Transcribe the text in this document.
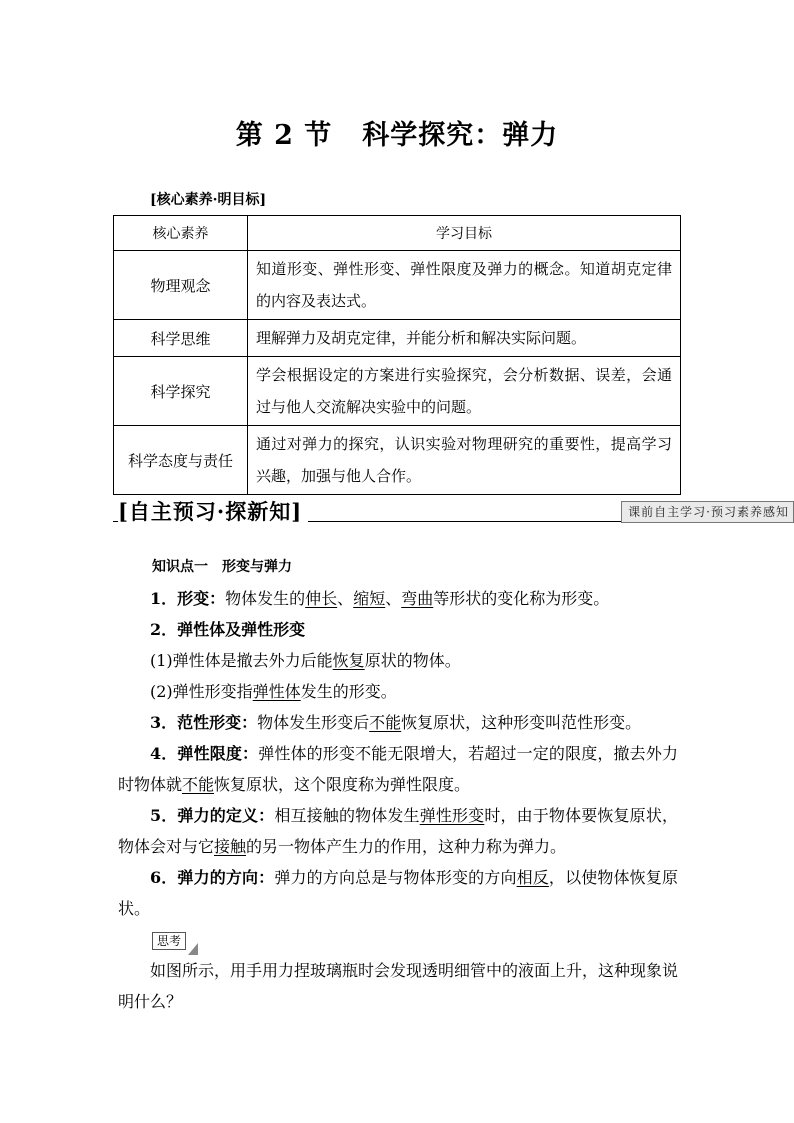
第 2 节 科学探究：弹力
[核心素养·明目标]
核心素养	学习目标
物理观念	知道形变、弹性形变、弹性限度及弹力的概念。知道胡克定律的内容及表达式。
科学思维	理解弹力及胡克定律，并能分析和解决实际问题。
科学探究	学会根据设定的方案进行实验探究，会分析数据、误差，会通过与他人交流解决实验中的问题。
科学态度与责任	通过对弹力的探究，认识实验对物理研究的重要性，提高学习兴趣，加强与他人合作。
[自主预习·探新知]	课前自主学习·预习素养感知

知识点一　形变与弹力

1．形变：物体发生的伸长、缩短、弯曲等形状的变化称为形变。

2．弹性体及弹性形变

(1)弹性体是撤去外力后能恢复原状的物体。

(2)弹性形变指弹性体发生的形变。

3．范性形变：物体发生形变后不能恢复原状，这种形变叫范性形变。

4．弹性限度：弹性体的形变不能无限增大，若超过一定的限度，撤去外力时物体就不能恢复原状，这个限度称为弹性限度。

5．弹力的定义：相互接触的物体发生弹性形变时，由于物体要恢复原状，物体会对与它接触的另一物体产生力的作用，这种力称为弹力。

6．弹力的方向：弹力的方向总是与物体形变的方向相反，以使物体恢复原状。

思考

如图所示，用手用力捏玻璃瓶时会发现透明细管中的液面上升，这种现象说明什么？
